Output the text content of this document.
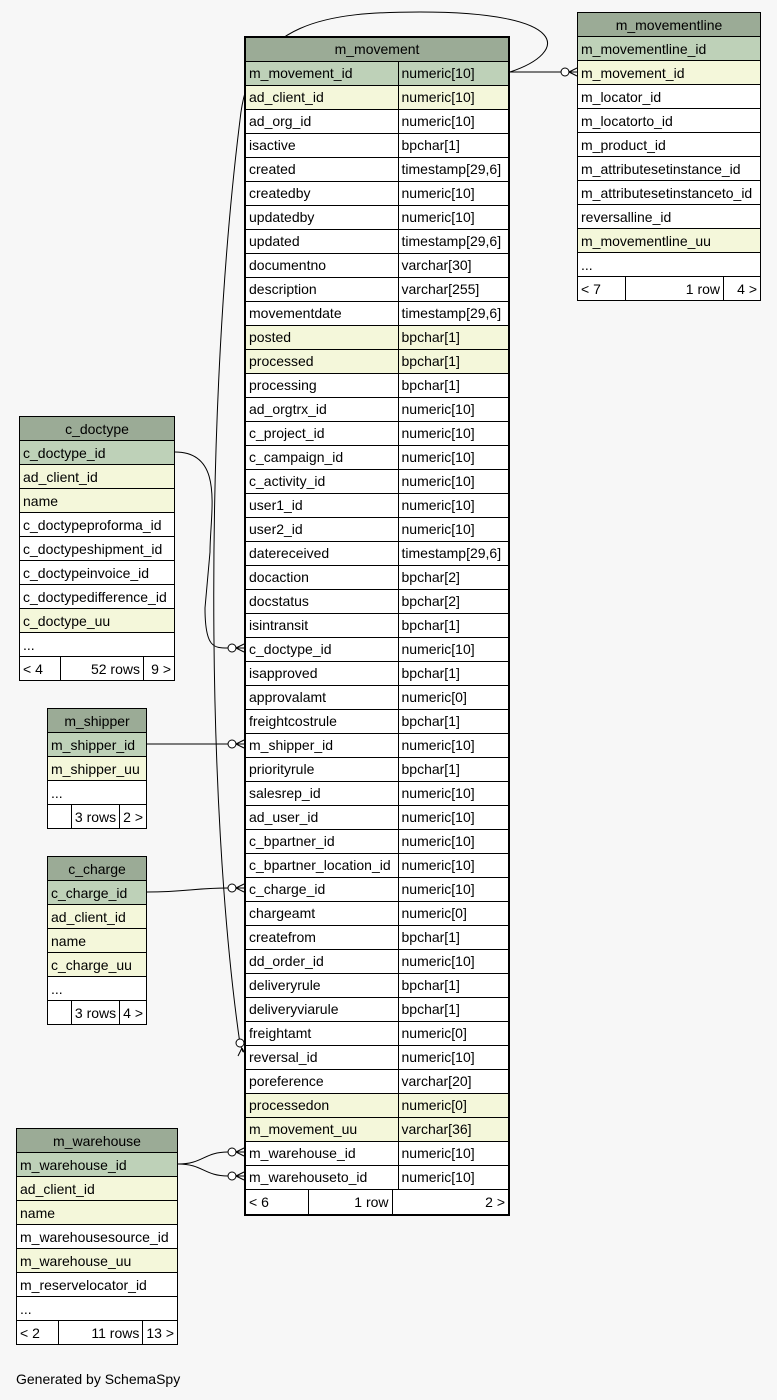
m_movement
m_movement_id	numeric[10]
ad_client_id	numeric[10]
ad_org_id	numeric[10]
isactive	bpchar[1]
created	timestamp[29,6]
createdby	numeric[10]
updatedby	numeric[10]
updated	timestamp[29,6]
documentno	varchar[30]
description	varchar[255]
movementdate	timestamp[29,6]
posted	bpchar[1]
processed	bpchar[1]
processing	bpchar[1]
ad_orgtrx_id	numeric[10]
c_project_id	numeric[10]
c_campaign_id	numeric[10]
c_activity_id	numeric[10]
user1_id	numeric[10]
user2_id	numeric[10]
datereceived	timestamp[29,6]
docaction	bpchar[2]
docstatus	bpchar[2]
isintransit	bpchar[1]
c_doctype_id	numeric[10]
isapproved	bpchar[1]
approvalamt	numeric[0]
freightcostrule	bpchar[1]
m_shipper_id	numeric[10]
priorityrule	bpchar[1]
salesrep_id	numeric[10]
ad_user_id	numeric[10]
c_bpartner_id	numeric[10]
c_bpartner_location_id	numeric[10]
c_charge_id	numeric[10]
chargeamt	numeric[0]
createfrom	bpchar[1]
dd_order_id	numeric[10]
deliveryrule	bpchar[1]
deliveryviarule	bpchar[1]
freightamt	numeric[0]
reversal_id	numeric[10]
poreference	varchar[20]
processedon	numeric[0]
m_movement_uu	varchar[36]
m_warehouse_id	numeric[10]
m_warehouseto_id	numeric[10]

< 6	1 row	2 >
m_movementline
m_movementline_id
m_movement_id
m_locator_id
m_locatorto_id
m_product_id
m_attributesetinstance_id
m_attributesetinstanceto_id
reversalline_id
m_movementline_uu
...
< 7	1 row	4 >
c_doctype
c_doctype_id
ad_client_id
name
c_doctypeproforma_id
c_doctypeshipment_id
c_doctypeinvoice_id
c_doctypedifference_id
c_doctype_uu
...
< 4	52 rows	9 >
m_shipper
m_shipper_id
m_shipper_uu
...
	3 rows	2 >
c_charge
c_charge_id
ad_client_id
name
c_charge_uu
...
	3 rows	4 >
m_warehouse
m_warehouse_id
ad_client_id
name
m_warehousesource_id
m_warehouse_uu
m_reservelocator_id
...
< 2	11 rows	13 >
Generated by SchemaSpy
